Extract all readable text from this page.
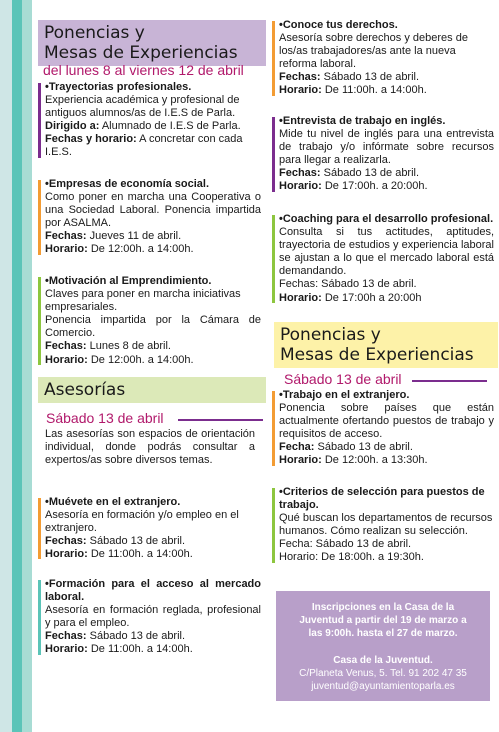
Ponencias y
Mesas de Experiencias
del lunes 8 al viernes 12 de abril

•Trayectorias profesionales.

Experiencia académica y profesional de antiguos alumnos/as de I.E.S de Parla.

Dirigido a: Alumnado de I.E.S de Parla.

Fechas y horario: A concretar con cada I.E.S.

•Empresas de economía social.

Como poner en marcha una Cooperativa o una Sociedad Laboral. Ponencia impartida por ASALMA.

Fechas: Jueves 11 de abril.

Horario: De 12:00h. a 14:00h.

•Motivación al Emprendimiento.

Claves para poner en marcha iniciativas empresariales.

Ponencia impartida por la Cámara de Comercio.

Fechas: Lunes 8 de abril.

Horario: De 12:00h. a 14:00h.

Asesorías
Sábado 13 de abril

Las asesorías son espacios de orientación individual, donde podrás consultar a expertos/as sobre diversos temas.

•Muévete en el extranjero.

Asesoría en formación y/o empleo en el extranjero.

Fechas: Sábado 13 de abril.

Horario: De 11:00h. a 14:00h.

•Formación para el acceso al mercado laboral.

Asesoría en formación reglada, profesional y para el empleo.

Fechas: Sábado 13 de abril.

Horario: De 11:00h. a 14:00h.

•Conoce tus derechos.

Asesoría sobre derechos y deberes de los/as trabajadores/as ante la nueva reforma laboral.

Fechas: Sábado 13 de abril.

Horario: De 11:00h. a 14:00h.

•Entrevista de trabajo en inglés.

Mide tu nivel de inglés para una entrevista de trabajo y/o infórmate sobre recursos para llegar a realizarla.

Fechas: Sábado 13 de abril.

Horario: De 17:00h. a 20:00h.

•Coaching para el desarrollo profesional.

Consulta si tus actitudes, aptitudes, trayectoria de estudios y experiencia laboral se ajustan a lo que el mercado laboral está demandando.

Fechas: Sábado 13 de abril.

Horario: De 17:00h a 20:00h

Ponencias y
Mesas de Experiencias
Sábado 13 de abril

•Trabajo en el extranjero.

Ponencia sobre países que están actualmente ofertando puestos de trabajo y requisitos de acceso.

Fecha: Sábado 13 de abril.

Horario: De 12:00h. a 13:30h.

•Criterios de selección para puestos de trabajo.

Qué buscan los departamentos de recursos humanos. Cómo realizan su selección.

Fecha: Sábado 13 de abril.

Horario: De 18:00h. a 19:30h.

Inscripciones en la Casa de la
Juventud a partir del 19 de marzo a
las 9:00h. hasta el 27 de marzo.
Casa de la Juventud.
C/Planeta Venus, 5. Tel. 91 202 47 35
juventud@ayuntamientoparla.es
